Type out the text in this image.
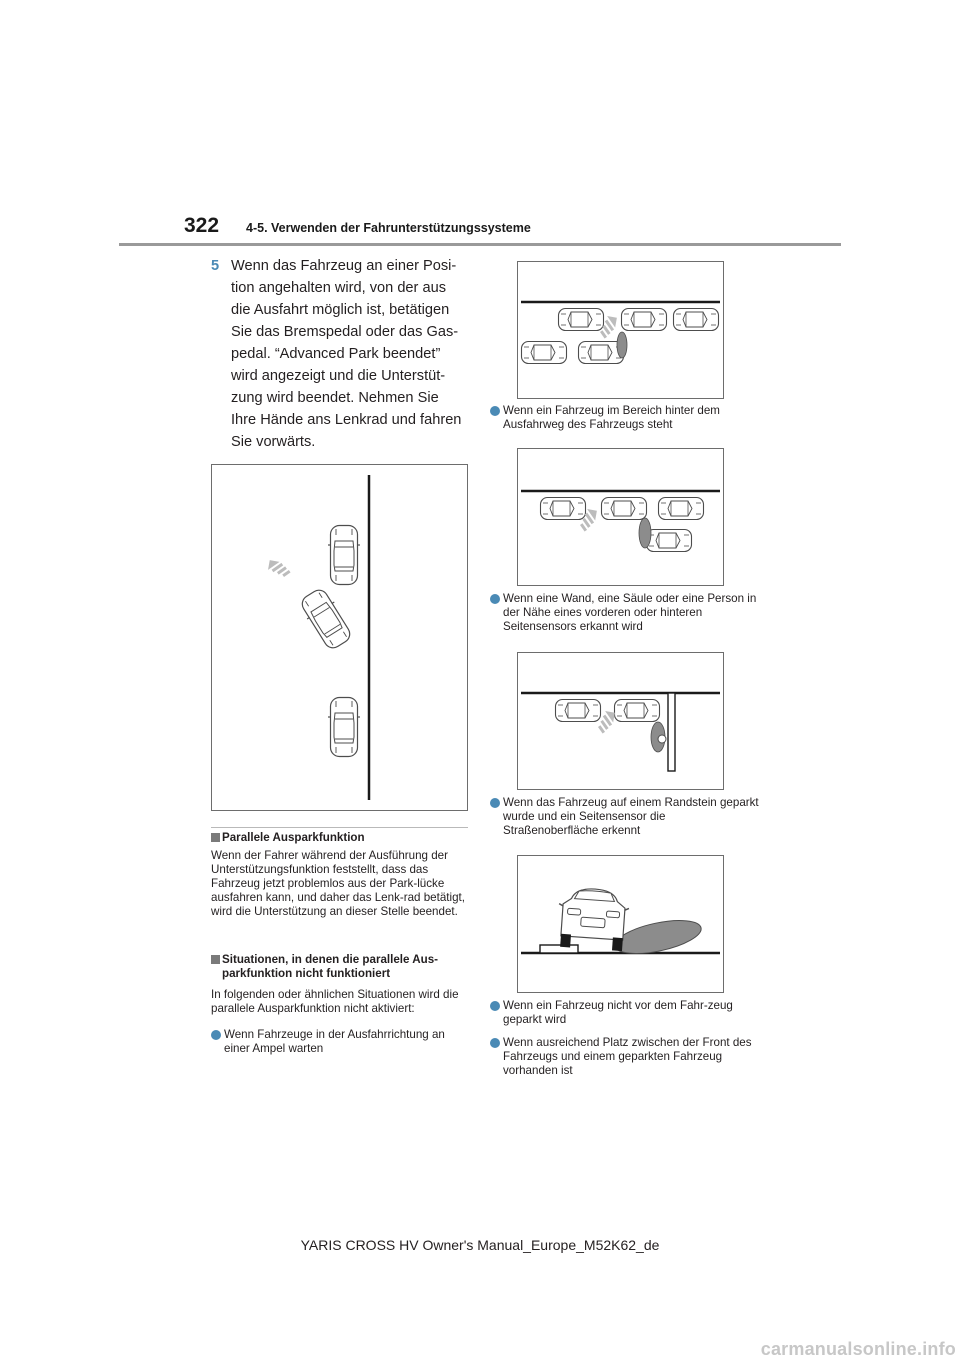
322 4-5. Verwenden der Fahrunterstützungssysteme
5 Wenn das Fahrzeug an einer Posi-tion angehalten wird, von der aus die Ausfahrt möglich ist, betätigen Sie das Bremspedal oder das Gas-pedal. “Advanced Park beendet” wird angezeigt und die Unterstüt-zung wird beendet. Nehmen Sie Ihre Hände ans Lenkrad und fahren Sie vorwärts.
Parallele Ausparkfunktion
Wenn der Fahrer während der Ausführung der Unterstützungsfunktion feststellt, dass das Fahrzeug jetzt problemlos aus der Park-lücke ausfahren kann, und daher das Lenk-rad betätigt, wird die Unterstützung an dieser Stelle beendet.
Situationen, in denen die parallele Aus-parkfunktion nicht funktioniert
In folgenden oder ähnlichen Situationen wird die parallele Ausparkfunktion nicht aktiviert:
Wenn Fahrzeuge in der Ausfahrrichtung an einer Ampel warten
Wenn ein Fahrzeug im Bereich hinter dem Ausfahrweg des Fahrzeugs steht
Wenn eine Wand, eine Säule oder eine Person in der Nähe eines vorderen oder hinteren Seitensensors erkannt wird
Wenn das Fahrzeug auf einem Randstein geparkt wurde und ein Seitensensor die Straßenoberfläche erkennt
Wenn ein Fahrzeug nicht vor dem Fahr-zeug geparkt wird
Wenn ausreichend Platz zwischen der Front des Fahrzeugs und einem geparkten Fahrzeug vorhanden ist
YARIS CROSS HV Owner's Manual_Europe_M52K62_de
carmanualsonline.info
